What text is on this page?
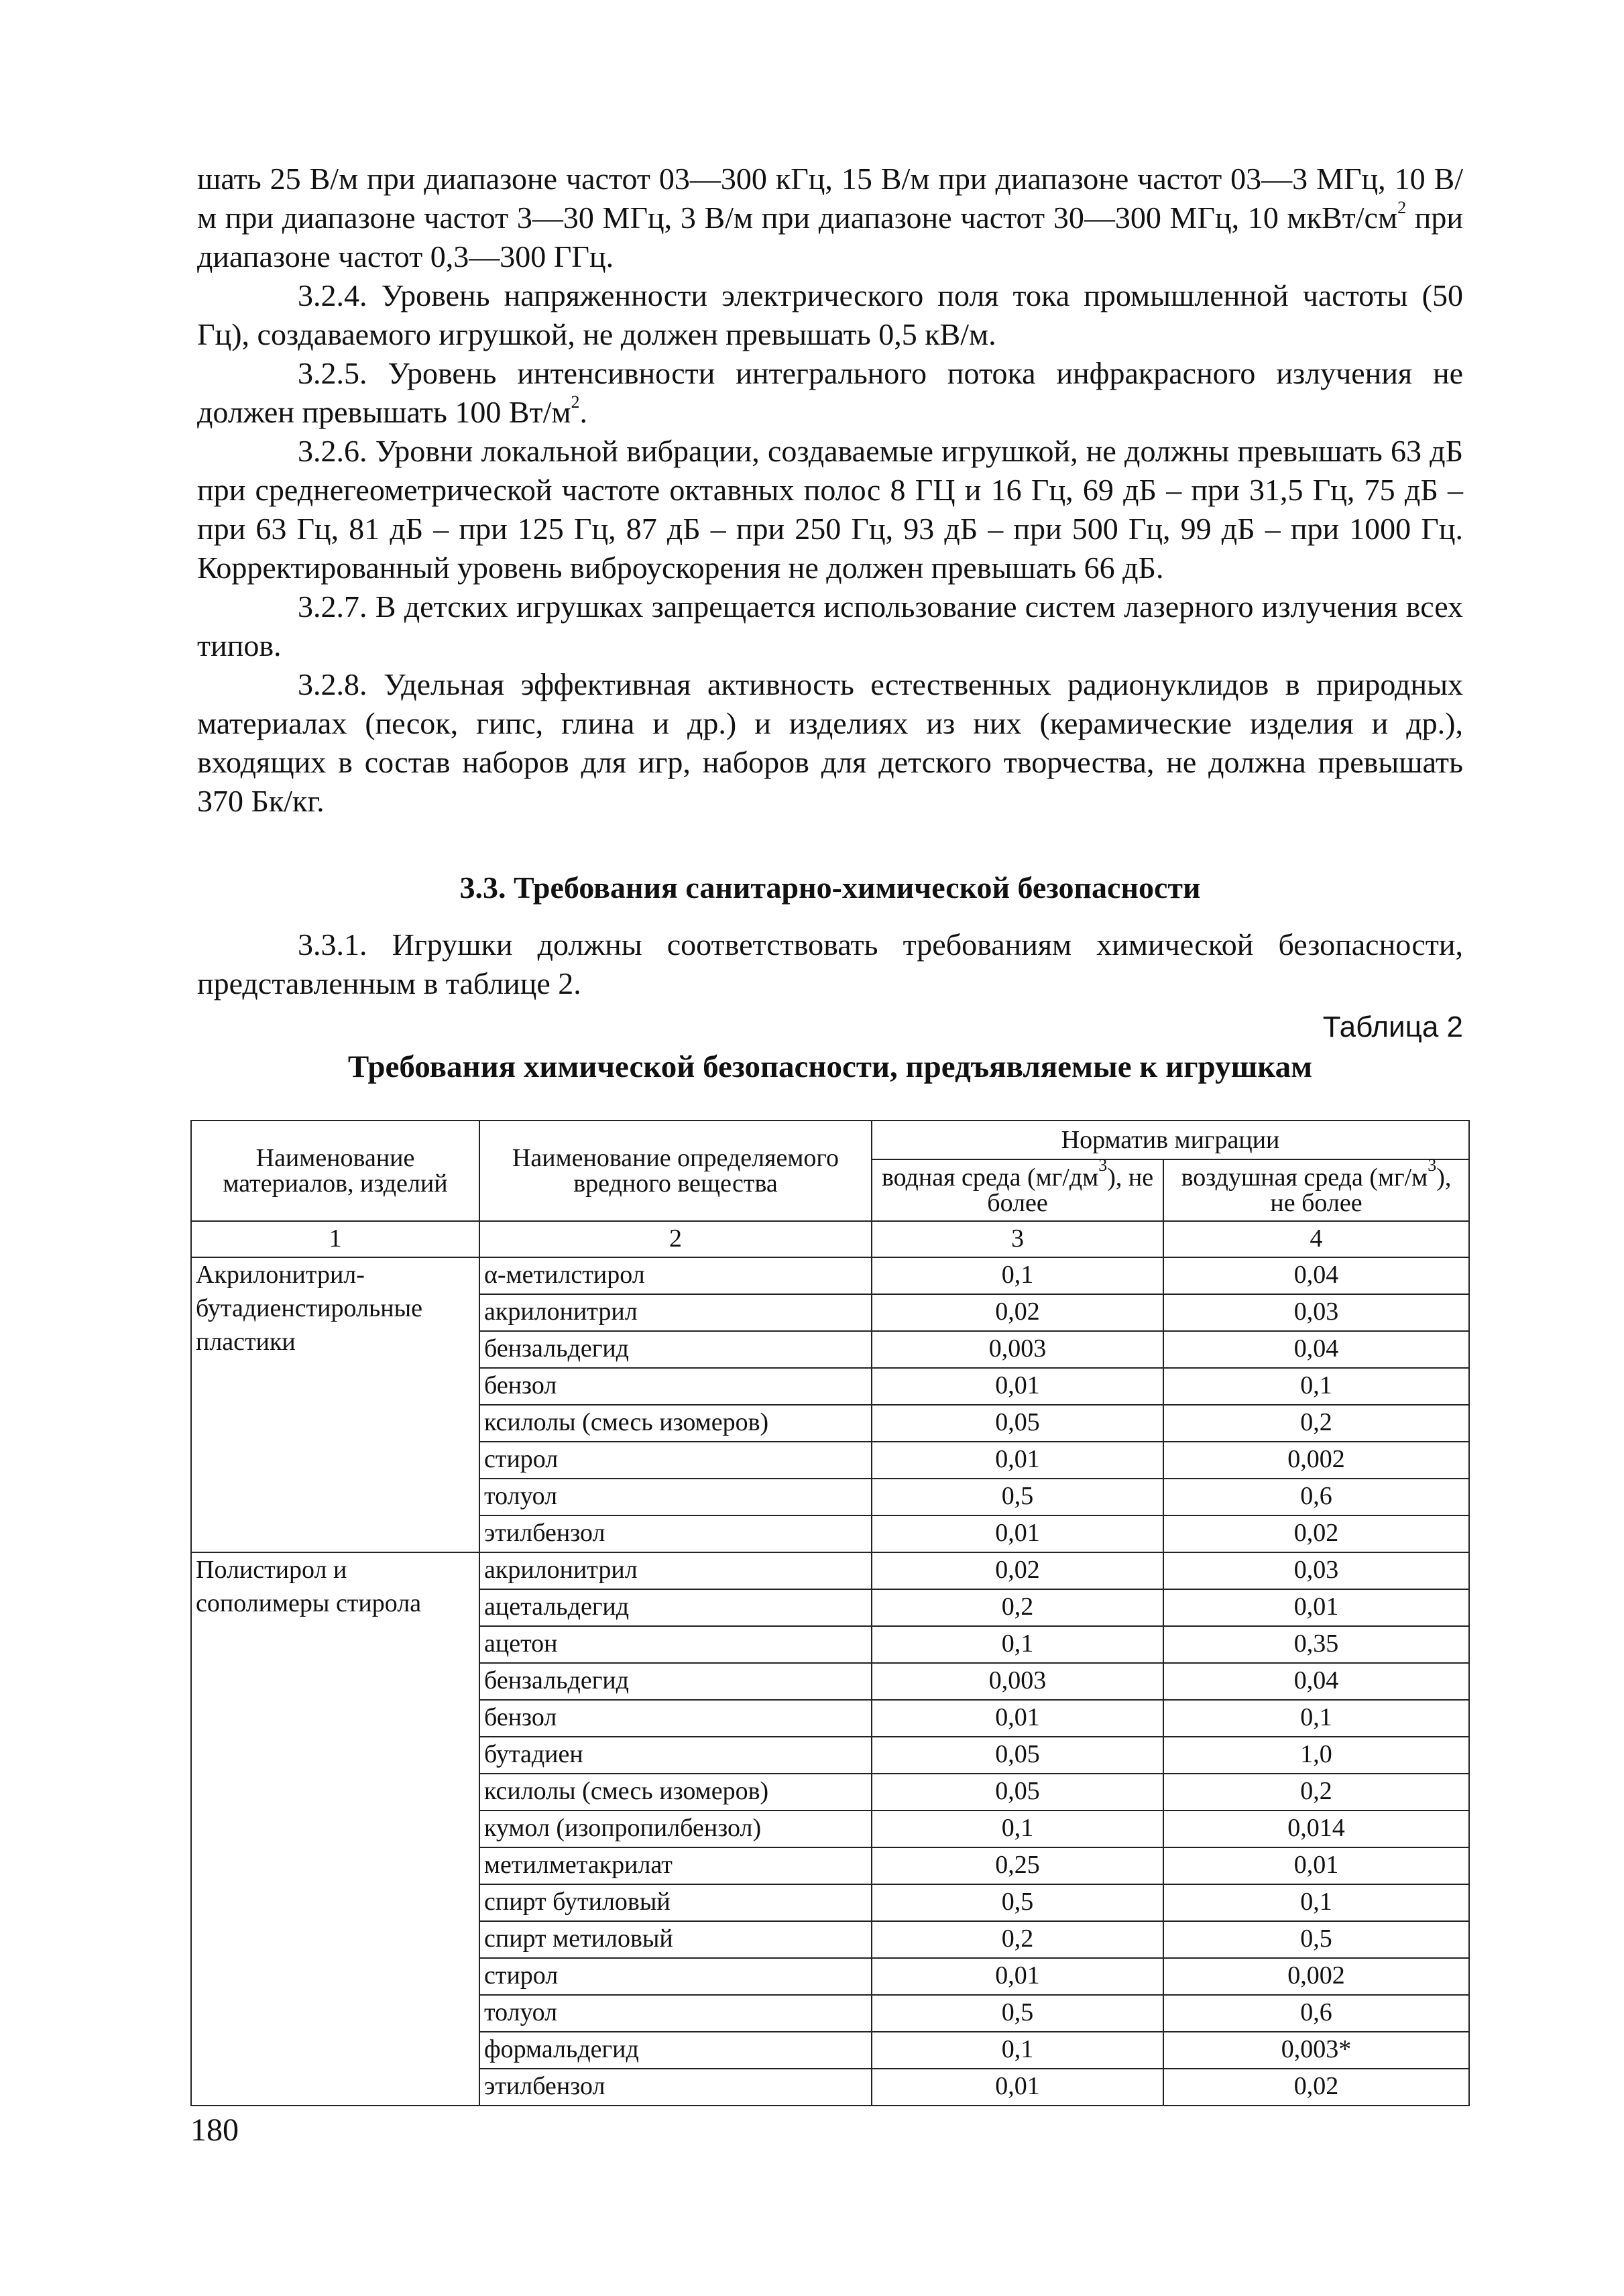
шать 25 В/м при диапазоне частот 03—300 кГц, 15 В/м при диапазоне частот 03—3 МГц, 10 В/м при диапазоне частот 3—30 МГц, 3 В/м при диапазоне частот 30—300 МГц, 10 мкВт/$см^2$ при диапазоне частот 0,3—300 ГГц.

3.2.4. Уровень напряженности электрического поля тока промышленной частоты (50 Гц), создаваемого игрушкой, не должен превышать 0,5 кВ/м.

3.2.5. Уровень интенсивности интегрального потока инфракрасного излучения не должен превышать 100 $Вт/м^2$.

3.2.6. Уровни локальной вибрации, создаваемые игрушкой, не должны превышать 63 дБ при среднегеометрической частоте октавных полос 8 ГЦ и 16 Гц, 69 дБ – при 31,5 Гц, 75 дБ – при 63 Гц, 81 дБ – при 125 Гц, 87 дБ – при 250 Гц, 93 дБ – при 500 Гц, 99 дБ – при 1000 Гц. Корректированный уровень виброускорения не должен превышать 66 дБ.

3.2.7. В детских игрушках запрещается использование систем лазерного излучения всех типов.

3.2.8. Удельная эффективная активность естественных радионуклидов в природных материалах (песок, гипс, глина и др.) и изделиях из них (керамические изделия и др.), входящих в состав наборов для игр, наборов для детского творчества, не должна превышать 370 Бк/кг.

3.3. Требования санитарно-химической безопасности

3.3.1. Игрушки должны соответствовать требованиям химической безопасности, представленным в таблице 2.

Таблица 2
Требования химической безопасности, предъявляемые к игрушкам
Наименование материалов, изделий	Наименование определяемого вредного вещества	Норматив миграции	
		водная среда $(мг/дм^3)$, не более	воздушная среда $(мг/м^3)$, не более
1	2	3	4
Акрилонитрил-бутадиенстирольные пластики	α-метилстирол	0,1	0,04
	акрилонитрил	0,02	0,03
	бензальдегид	0,003	0,04
	бензол	0,01	0,1
	ксилолы (смесь изомеров)	0,05	0,2
	стирол	0,01	0,002
	толуол	0,5	0,6
	этилбензол	0,01	0,02
Полистирол и сополимеры стирола	акрилонитрил	0,02	0,03
	ацетальдегид	0,2	0,01
	ацетон	0,1	0,35
	бензальдегид	0,003	0,04
	бензол	0,01	0,1
	бутадиен	0,05	1,0
	ксилолы (смесь изомеров)	0,05	0,2
	кумол (изопропилбензол)	0,1	0,014
	метилметакрилат	0,25	0,01
	спирт бутиловый	0,5	0,1
	спирт метиловый	0,2	0,5
	стирол	0,01	0,002
	толуол	0,5	0,6
	формальдегид	0,1	0,003*
	этилбензол	0,01	0,02
180
